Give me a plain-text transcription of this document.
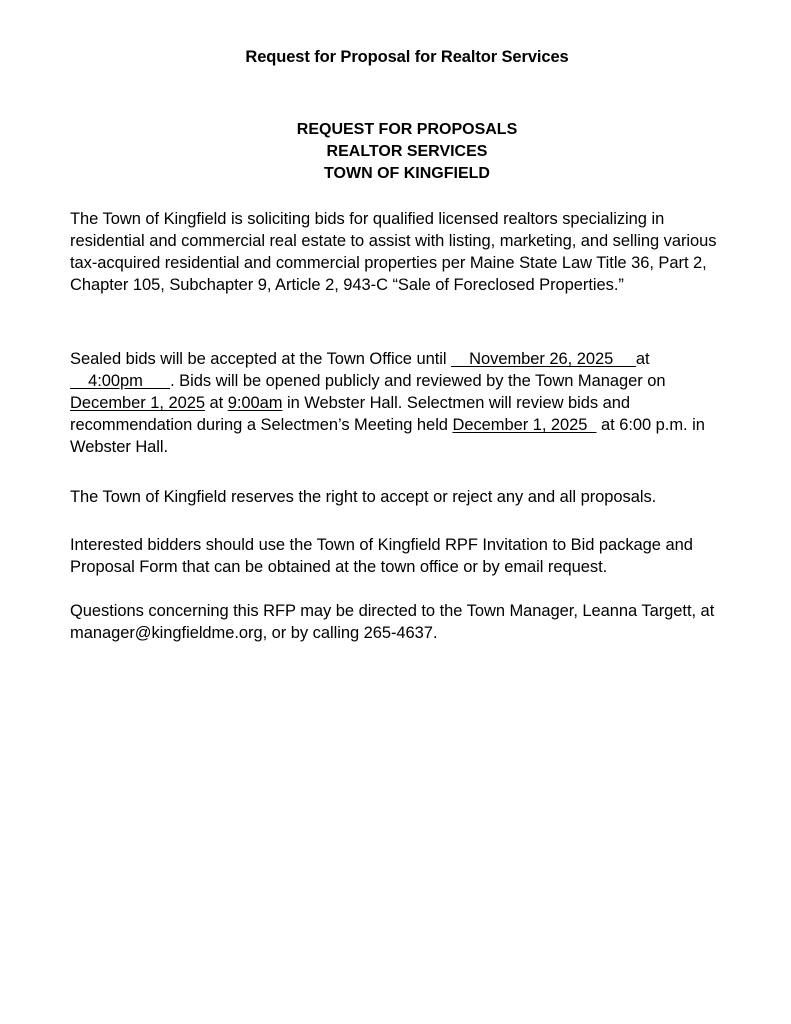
Request for Proposal for Realtor Services
REQUEST FOR PROPOSALS
REALTOR SERVICES
TOWN OF KINGFIELD

The Town of Kingfield is soliciting bids for qualified licensed realtors specializing in residential and commercial real estate to assist with listing, marketing, and selling various tax-acquired residential and commercial properties per Maine State Law Title 36, Part 2, Chapter 105, Subchapter 9, Article 2, 943-C “Sale of Foreclosed Properties.”

Sealed bids will be accepted at the Town Office until     November 26, 2025     at     4:00pm      . Bids will be opened publicly and reviewed by the Town Manager on December 1, 2025 at 9:00am in Webster Hall. Selectmen will review bids and recommendation during a Selectmen’s Meeting held December 1, 2025   at 6:00 p.m. in Webster Hall.

The Town of Kingfield reserves the right to accept or reject any and all proposals.

Interested bidders should use the Town of Kingfield RPF Invitation to Bid package and Proposal Form that can be obtained at the town office or by email request.

Questions concerning this RFP may be directed to the Town Manager, Leanna Targett, at manager@kingfieldme.org, or by calling 265-4637.
